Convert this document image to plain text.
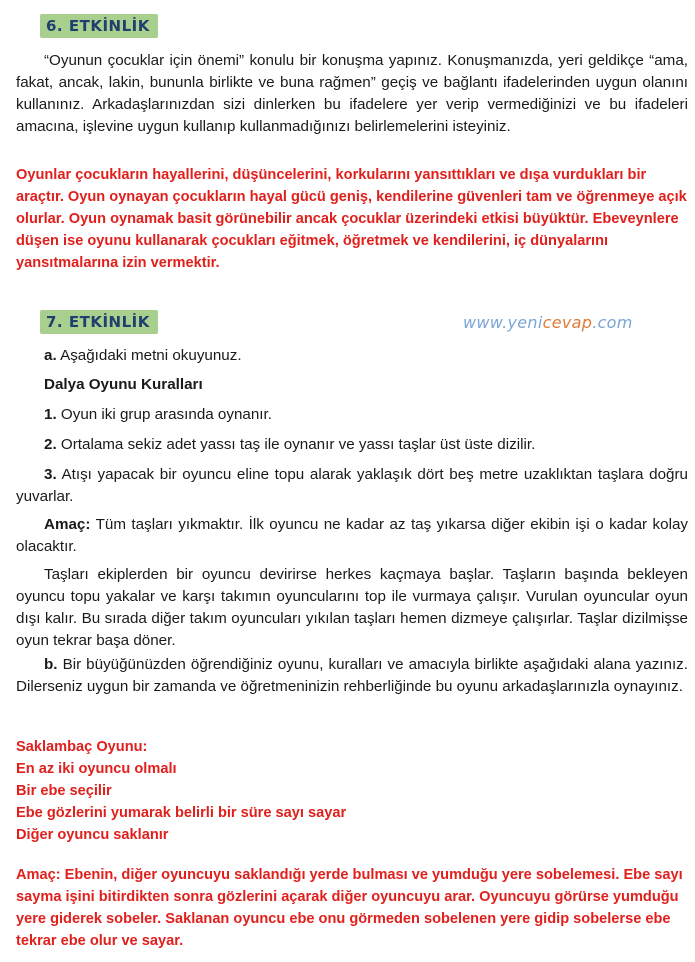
6. ETKİNLİK

“Oyunun çocuklar için önemi” konulu bir konuşma yapınız. Konuşmanızda, yeri geldikçe “ama, fakat, ancak, lakin, bununla birlikte ve buna rağmen” geçiş ve bağlantı ifadelerinden uygun olanını kullanınız. Arkadaşlarınızdan sizi dinlerken bu ifadelere yer verip vermediğinizi ve bu ifadeleri amacına, işlevine uygun kullanıp kullanmadığınızı belirlemelerini isteyiniz.

Oyunlar çocukların hayallerini, düşüncelerini, korkularını yansıttıkları ve dışa vurdukları bir araçtır. Oyun oynayan çocukların hayal gücü geniş, kendilerine güvenleri tam ve öğrenmeye açık olurlar. Oyun oynamak basit görünebilir ancak çocuklar üzerindeki etkisi büyüktür. Ebeveynlere düşen ise oyunu kullanarak çocukları eğitmek, öğretmek ve kendilerini, iç dünyalarını yansıtmalarına izin vermektir.

7. ETKİNLİK	www.yenicevap.com

a. Aşağıdaki metni okuyunuz.

Dalya Oyunu Kuralları

1. Oyun iki grup arasında oynanır.

2. Ortalama sekiz adet yassı taş ile oynanır ve yassı taşlar üst üste dizilir.

3. Atışı yapacak bir oyuncu eline topu alarak yaklaşık dört beş metre uzaklıktan taşlara doğru yuvarlar.

Amaç: Tüm taşları yıkmaktır. İlk oyuncu ne kadar az taş yıkarsa diğer ekibin işi o kadar kolay olacaktır.

Taşları ekiplerden bir oyuncu devirirse herkes kaçmaya başlar. Taşların başında bekleyen oyuncu topu yakalar ve karşı takımın oyuncularını top ile vurmaya çalışır. Vurulan oyuncular oyun dışı kalır. Bu sırada diğer takım oyuncuları yıkılan taşları hemen dizmeye çalışırlar. Taşlar dizilmişse oyun tekrar başa döner.

b. Bir büyüğünüzden öğrendiğiniz oyunu, kuralları ve amacıyla birlikte aşağıdaki alana yazınız. Dilerseniz uygun bir zamanda ve öğretmeninizin rehberliğinde bu oyunu arkadaşlarınızla oynayınız.

Saklambaç Oyunu:
En az iki oyuncu olmalı
Bir ebe seçilir
Ebe gözlerini yumarak belirli bir süre sayı sayar
Diğer oyuncu saklanır

Amaç: Ebenin, diğer oyuncuyu saklandığı yerde bulması ve yumduğu yere sobelemesi. Ebe sayı sayma işini bitirdikten sonra gözlerini açarak diğer oyuncuyu arar. Oyuncuyu görürse yumduğu yere giderek sobeler. Saklanan oyuncu ebe onu görmeden sobelenen yere gidip sobelerse ebe tekrar ebe olur ve sayar.
